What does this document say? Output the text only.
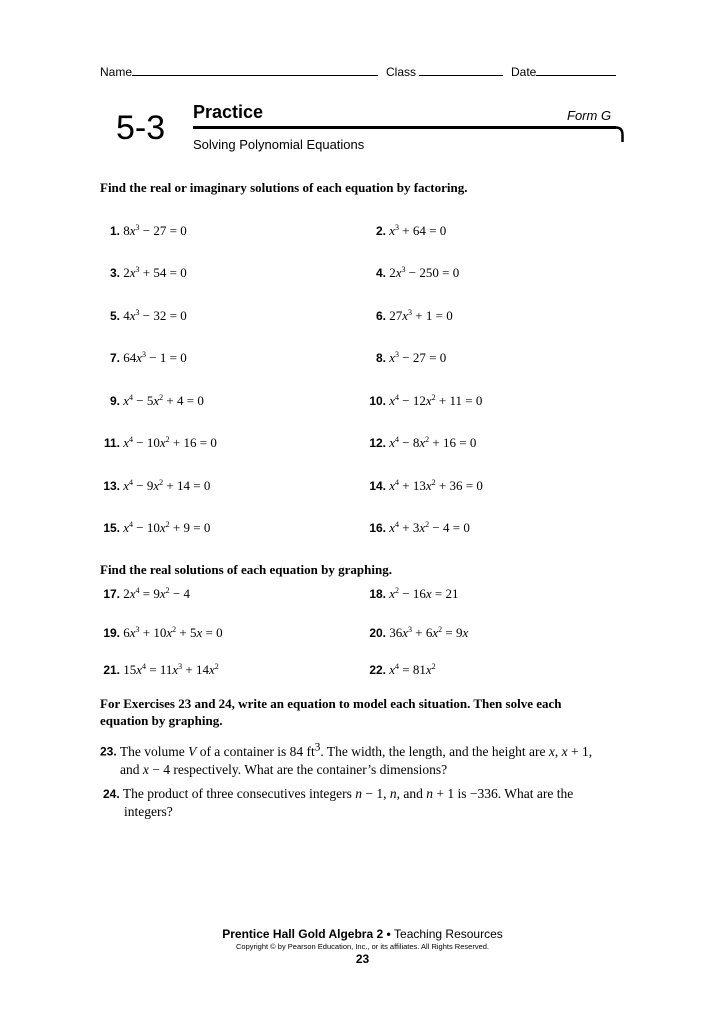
Name	Class	Date
5-3 Practice	Form G
Solving Polynomial Equations
Find the real or imaginary solutions of each equation by factoring.
1. $8x^3 - 27 = 0$	2. $x^3 + 64 = 0$
3. $2x^3 + 54 = 0$	4. $2x^3 - 250 = 0$
5. $4x^3 - 32 = 0$	6. $27x^3 + 1 = 0$
7. $64x^3 - 1 = 0$	8. $x^3 - 27 = 0$
9. $x^4 - 5x^2 + 4 = 0$	10. $x^4 - 12x^2 + 11 = 0$
11. $x^4 - 10x^2 + 16 = 0$	12. $x^4 - 8x^2 + 16 = 0$
13. $x^4 - 9x^2 + 14 = 0$	14. $x^4 + 13x^2 + 36 = 0$
15. $x^4 - 10x^2 + 9 = 0$	16. $x^4 + 3x^2 - 4 = 0$
Find the real solutions of each equation by graphing.
17. $2x^4 = 9x^2 - 4$	18. $x^2 - 16x = 21$
19. $6x^3 + 10x^2 + 5x = 0$	20. $36x^3 + 6x^2 = 9x$
21. $15x^4 = 11x^3 + 14x^2$	22. $x^4 = 81x^2$
For Exercises 23 and 24, write an equation to model each situation. Then solve each
equation by graphing.
23. The volume V of a container is 84 $ft^3$. The width, the length, and the height are x, x + 1,
and x − 4 respectively. What are the container’s dimensions?
24. The product of three consecutives integers n − 1, n, and n + 1 is −336. What are the
integers?
Prentice Hall Gold Algebra 2 • Teaching Resources
Copyright © by Pearson Education, Inc., or its affiliates. All Rights Reserved.
23
